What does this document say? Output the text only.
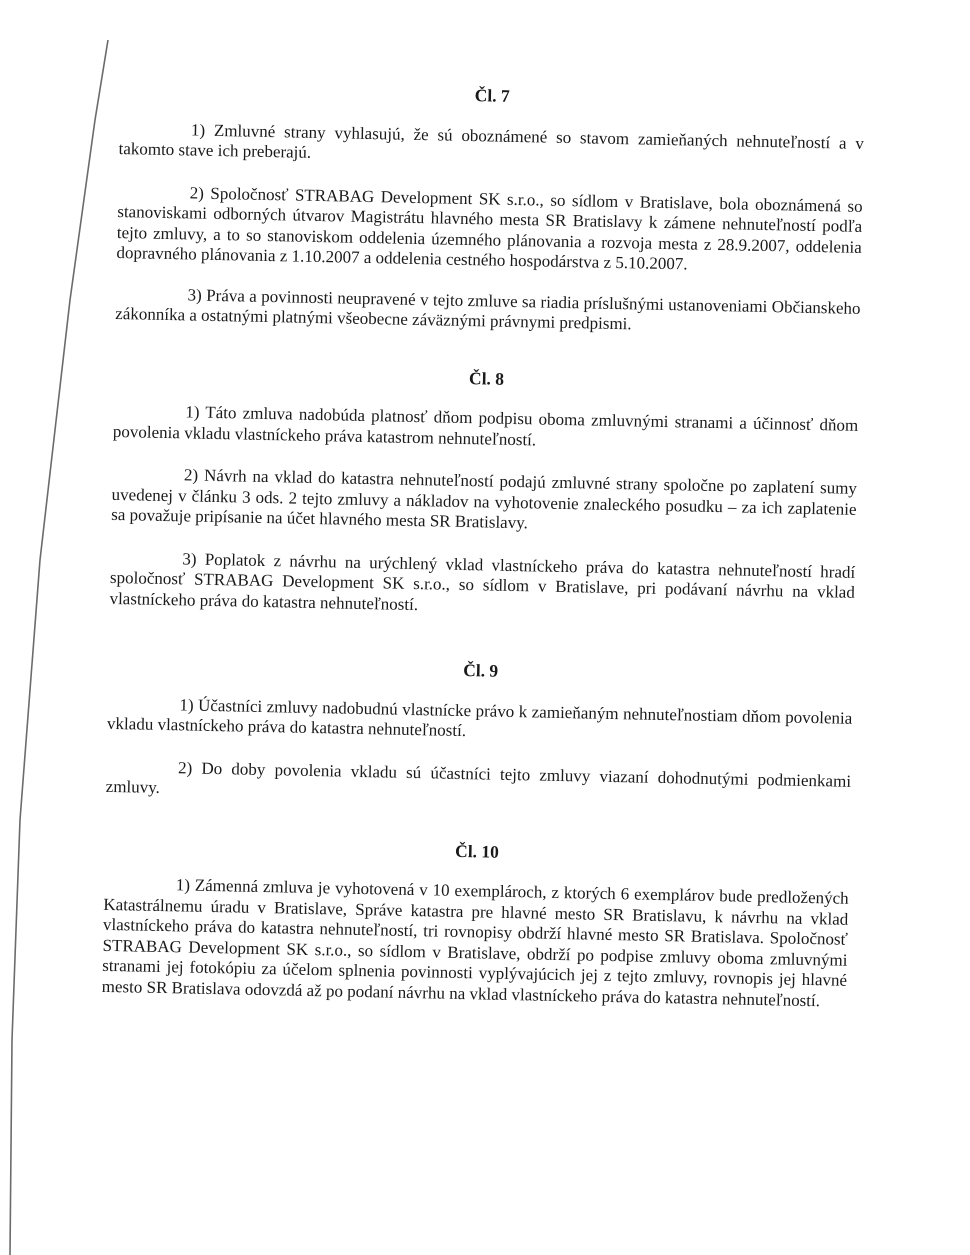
Čl. 7

1) Zmluvné strany vyhlasujú, že sú oboznámené so stavom zamieňaných nehnuteľností a v takomto stave ich preberajú.

2) Spoločnosť STRABAG Development SK s.r.o., so sídlom v Bratislave, bola oboznámená so stanoviskami odborných útvarov Magistrátu hlavného mesta SR Bratislavy k zámene nehnuteľností podľa tejto zmluvy, a to so stanoviskom oddelenia územného plánovania a rozvoja mesta z 28.9.2007, oddelenia dopravného plánovania z 1.10.2007 a oddelenia cestného hospodárstva z 5.10.2007.

3) Práva a povinnosti neupravené v tejto zmluve sa riadia príslušnými ustanoveniami Občianskeho zákonníka a ostatnými platnými všeobecne záväznými právnymi predpismi.

Čl. 8

1) Táto zmluva nadobúda platnosť dňom podpisu oboma zmluvnými stranami a účinnosť dňom povolenia vkladu vlastníckeho práva katastrom nehnuteľností.

2) Návrh na vklad do katastra nehnuteľností podajú zmluvné strany spoločne po zaplatení sumy uvedenej v článku 3 ods. 2 tejto zmluvy a nákladov na vyhotovenie znaleckého posudku – za ich zaplatenie sa považuje pripísanie na účet hlavného mesta SR Bratislavy.

3) Poplatok z návrhu na urýchlený vklad vlastníckeho práva do katastra nehnuteľností hradí spoločnosť STRABAG Development SK s.r.o., so sídlom v Bratislave, pri podávaní návrhu na vklad vlastníckeho práva do katastra nehnuteľností.

Čl. 9

1) Účastníci zmluvy nadobudnú vlastnícke právo k zamieňaným nehnuteľnostiam dňom povolenia vkladu vlastníckeho práva do katastra nehnuteľností.

2) Do doby povolenia vkladu sú účastníci tejto zmluvy viazaní dohodnutými podmienkami zmluvy.

Čl. 10

1) Zámenná zmluva je vyhotovená v 10 exemplároch, z ktorých 6 exemplárov bude predložených Katastrálnemu úradu v Bratislave, Správe katastra pre hlavné mesto SR Bratislavu, k návrhu na vklad vlastníckeho práva do katastra nehnuteľností, tri rovnopisy obdrží hlavné mesto SR Bratislava. Spoločnosť STRABAG Development SK s.r.o., so sídlom v Bratislave, obdrží po podpise zmluvy oboma zmluvnými stranami jej fotokópiu za účelom splnenia povinnosti vyplývajúcich jej z tejto zmluvy, rovnopis jej hlavné mesto SR Bratislava odovzdá až po podaní návrhu na vklad vlastníckeho práva do katastra nehnuteľností.
